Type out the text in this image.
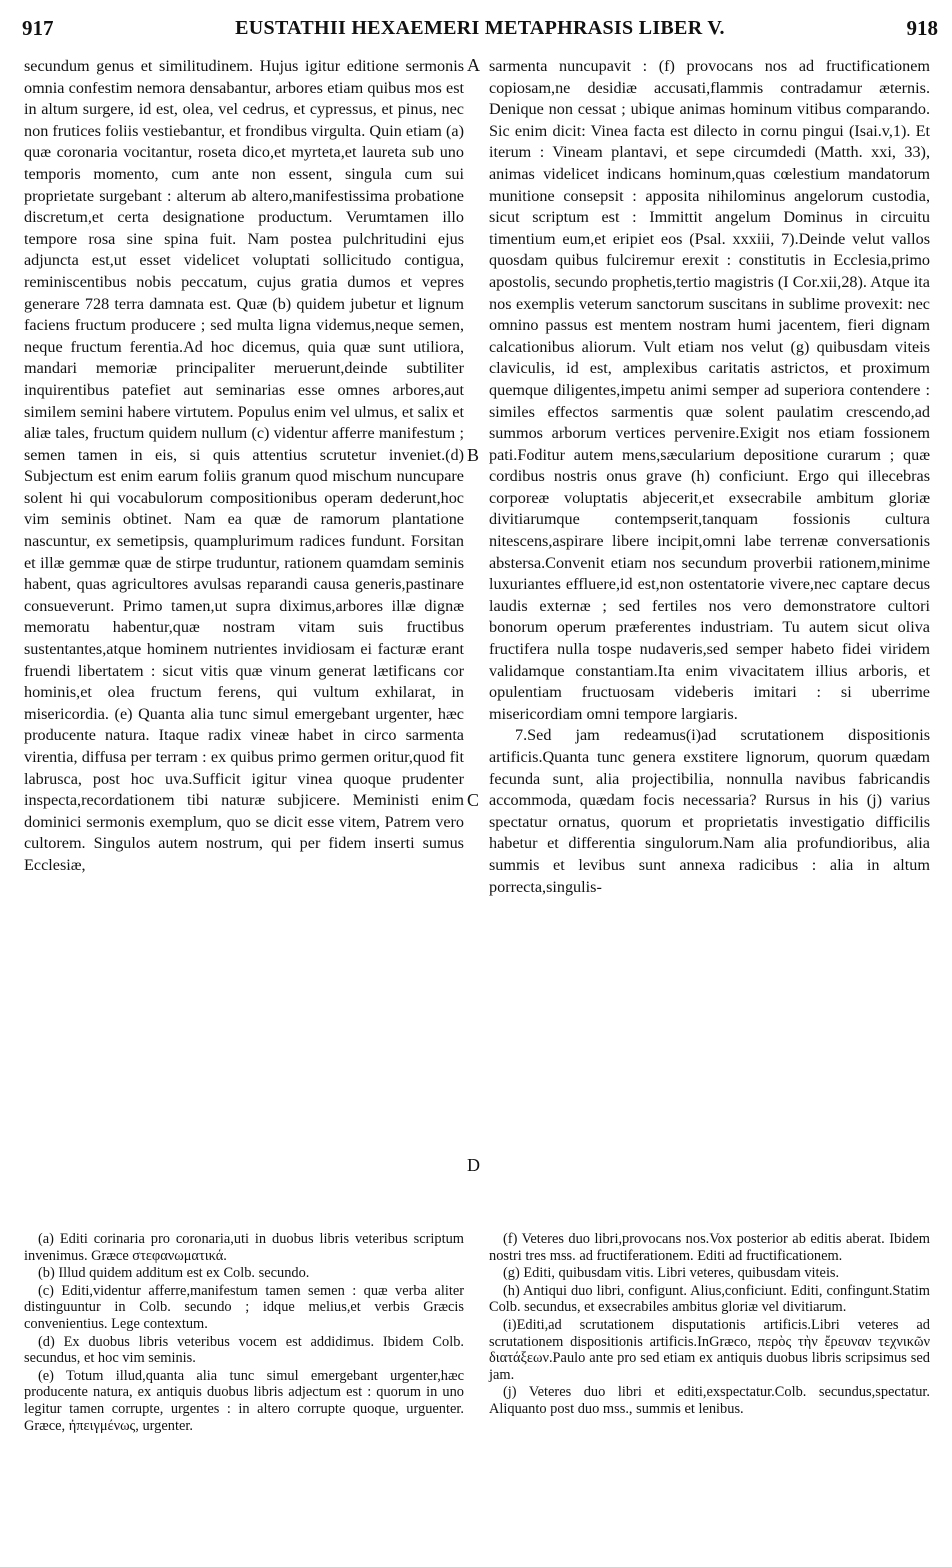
917	EUSTATHII HEXAEMERI METAPHRASIS LIBER V.	918

secundum genus et similitudinem. Hujus igitur editione sermonis omnia confestim nemora densabantur, arbores etiam quibus mos est in altum surgere, id est, olea, vel cedrus, et cypressus, et pinus, nec non frutices foliis vestiebantur, et frondibus virgulta. Quin etiam (a) quæ coronaria vocitantur, roseta dico,et myrteta,et laureta sub uno temporis momento, cum ante non essent, singula cum sui proprietate surgebant : alterum ab altero,manifestissima probatione discretum,et certa designatione productum. Verumtamen illo tempore rosa sine spina fuit. Nam postea pulchritudini ejus adjuncta est,ut esset videlicet voluptati sollicitudo contigua, reminiscentibus nobis peccatum, cujus gratia dumos et vepres generare 728 terra damnata est. Quæ (b) quidem jubetur et lignum faciens fructum producere ; sed multa ligna videmus,neque semen, neque fructum ferentia.Ad hoc dicemus, quia quæ sunt utiliora, mandari memoriæ principaliter meruerunt,deinde subtiliter inquirentibus patefiet aut seminarias esse omnes arbores,aut similem semini habere virtutem. Populus enim vel ulmus, et salix et aliæ tales, fructum quidem nullum (c) videntur afferre manifestum ; semen tamen in eis, si quis attentius scrutetur inveniet.(d) Subjectum est enim earum foliis granum quod mischum nuncupare solent hi qui vocabulorum compositionibus operam dederunt,hoc vim seminis obtinet. Nam ea quæ de ramorum plantatione nascuntur, ex semetipsis, quamplurimum radices fundunt. Forsitan et illæ gemmæ quæ de stirpe truduntur, rationem quamdam seminis habent, quas agricultores avulsas reparandi causa generis,pastinare consueverunt. Primo tamen,ut supra diximus,arbores illæ dignæ memoratu habentur,quæ nostram vitam suis fructibus sustentantes,atque hominem nutrientes invidiosam ei facturæ erant fruendi libertatem : sicut vitis quæ vinum generat lætificans cor hominis,et olea fructum ferens, qui vultum exhilarat, in misericordia. (e) Quanta alia tunc simul emergebant urgenter, hæc producente natura. Itaque radix vineæ habet in circo sarmenta virentia, diffusa per terram : ex quibus primo germen oritur,quod fit labrusca, post hoc uva.Sufficit igitur vinea quoque prudenter inspecta,recordationem tibi naturæ subjicere. Meministi enim dominici sermonis exemplum, quo se dicit esse vitem, Patrem vero cultorem. Singulos autem nostrum, qui per fidem inserti sumus Ecclesiæ,

sarmenta nuncupavit : (f) provocans nos ad fructificationem copiosam,ne desidiæ accusati,flammis contradamur æternis. Denique non cessat ; ubique animas hominum vitibus comparando. Sic enim dicit: Vinea facta est dilecto in cornu pingui (Isai.v,1). Et iterum : Vineam plantavi, et sepe circumdedi (Matth. xxi, 33), animas videlicet indicans hominum,quas cœlestium mandatorum munitione consepsit : apposita nihilominus angelorum custodia, sicut scriptum est : Immittit angelum Dominus in circuitu timentium eum,et eripiet eos (Psal. xxxiii, 7).Deinde velut vallos quosdam quibus fulciremur erexit : constitutis in Ecclesia,primo apostolis, secundo prophetis,tertio magistris (I Cor.xii,28). Atque ita nos exemplis veterum sanctorum suscitans in sublime provexit: nec omnino passus est mentem nostram humi jacentem, fieri dignam calcationibus aliorum. Vult etiam nos velut (g) quibusdam viteis claviculis, id est, amplexibus caritatis astrictos, et proximum quemque diligentes,impetu animi semper ad superiora contendere : similes effectos sarmentis quæ solent paulatim crescendo,ad summos arborum vertices pervenire.Exigit nos etiam fossionem pati.Foditur autem mens,sæcularium depositione curarum ; quæ cordibus nostris onus grave (h) conficiunt. Ergo qui illecebras corporeæ voluptatis abjecerit,et exsecrabile ambitum gloriæ divitiarumque contempserit,tanquam fossionis cultura nitescens,aspirare libere incipit,omni labe terrenæ conversationis abstersa.Convenit etiam nos secundum proverbii rationem,minime luxuriantes effluere,id est,non ostentatorie vivere,nec captare decus laudis externæ ; sed fertiles nos vero demonstratore cultori bonorum operum præferentes industriam. Tu autem sicut oliva fructifera nulla tospe nudaveris,sed semper habeto fidei viridem validamque constantiam.Ita enim vivacitatem illius arboris, et opulentiam fructuosam videberis imitari : si uberrime misericordiam omni tempore largiaris.

7.Sed jam redeamus(i)ad scrutationem dispositionis artificis.Quanta tunc genera exstitere lignorum, quorum quædam fecunda sunt, alia projectibilia, nonnulla navibus fabricandis accommoda, quædam focis necessaria? Rursus in his (j) varius spectatur ornatus, quorum et proprietatis investigatio difficilis habetur et differentia singulorum.Nam alia profundioribus, alia summis et levibus sunt annexa radicibus : alia in altum porrecta,singulis-

A
B
C
D

(a) Editi corinaria pro coronaria,uti in duobus libris veteribus scriptum invenimus. Græce στεφανωματικά.

(b) Illud quidem additum est ex Colb. secundo.

(c) Editi,videntur afferre,manifestum tamen semen : quæ verba aliter distinguuntur in Colb. secundo ; idque melius,et verbis Græcis convenientius. Lege contextum.

(d) Ex duobus libris veteribus vocem est addidimus. Ibidem Colb. secundus, et hoc vim seminis.

(e) Totum illud,quanta alia tunc simul emergebant urgenter,hæc producente natura, ex antiquis duobus libris adjectum est : quorum in uno legitur tamen corrupte, urgentes : in altero corrupte quoque, urguenter. Græce, ἠπειγμένως, urgenter.

(f) Veteres duo libri,provocans nos.Vox posterior ab editis aberat. Ibidem nostri tres mss. ad fructiferationem. Editi ad fructificationem.

(g) Editi, quibusdam vitis. Libri veteres, quibusdam viteis.

(h) Antiqui duo libri, configunt. Alius,conficiunt. Editi, confingunt.Statim Colb. secundus, et exsecrabiles ambitus gloriæ vel divitiarum.

(i)Editi,ad scrutationem disputationis artificis.Libri veteres ad scrutationem dispositionis artificis.InGræco, περὸς τὴν ἔρευναν τεχνικῶν διατάξεων.Paulo ante pro sed etiam ex antiquis duobus libris scripsimus sed jam.

(j) Veteres duo libri et editi,exspectatur.Colb. secundus,spectatur. Aliquanto post duo mss., summis et lenibus.
